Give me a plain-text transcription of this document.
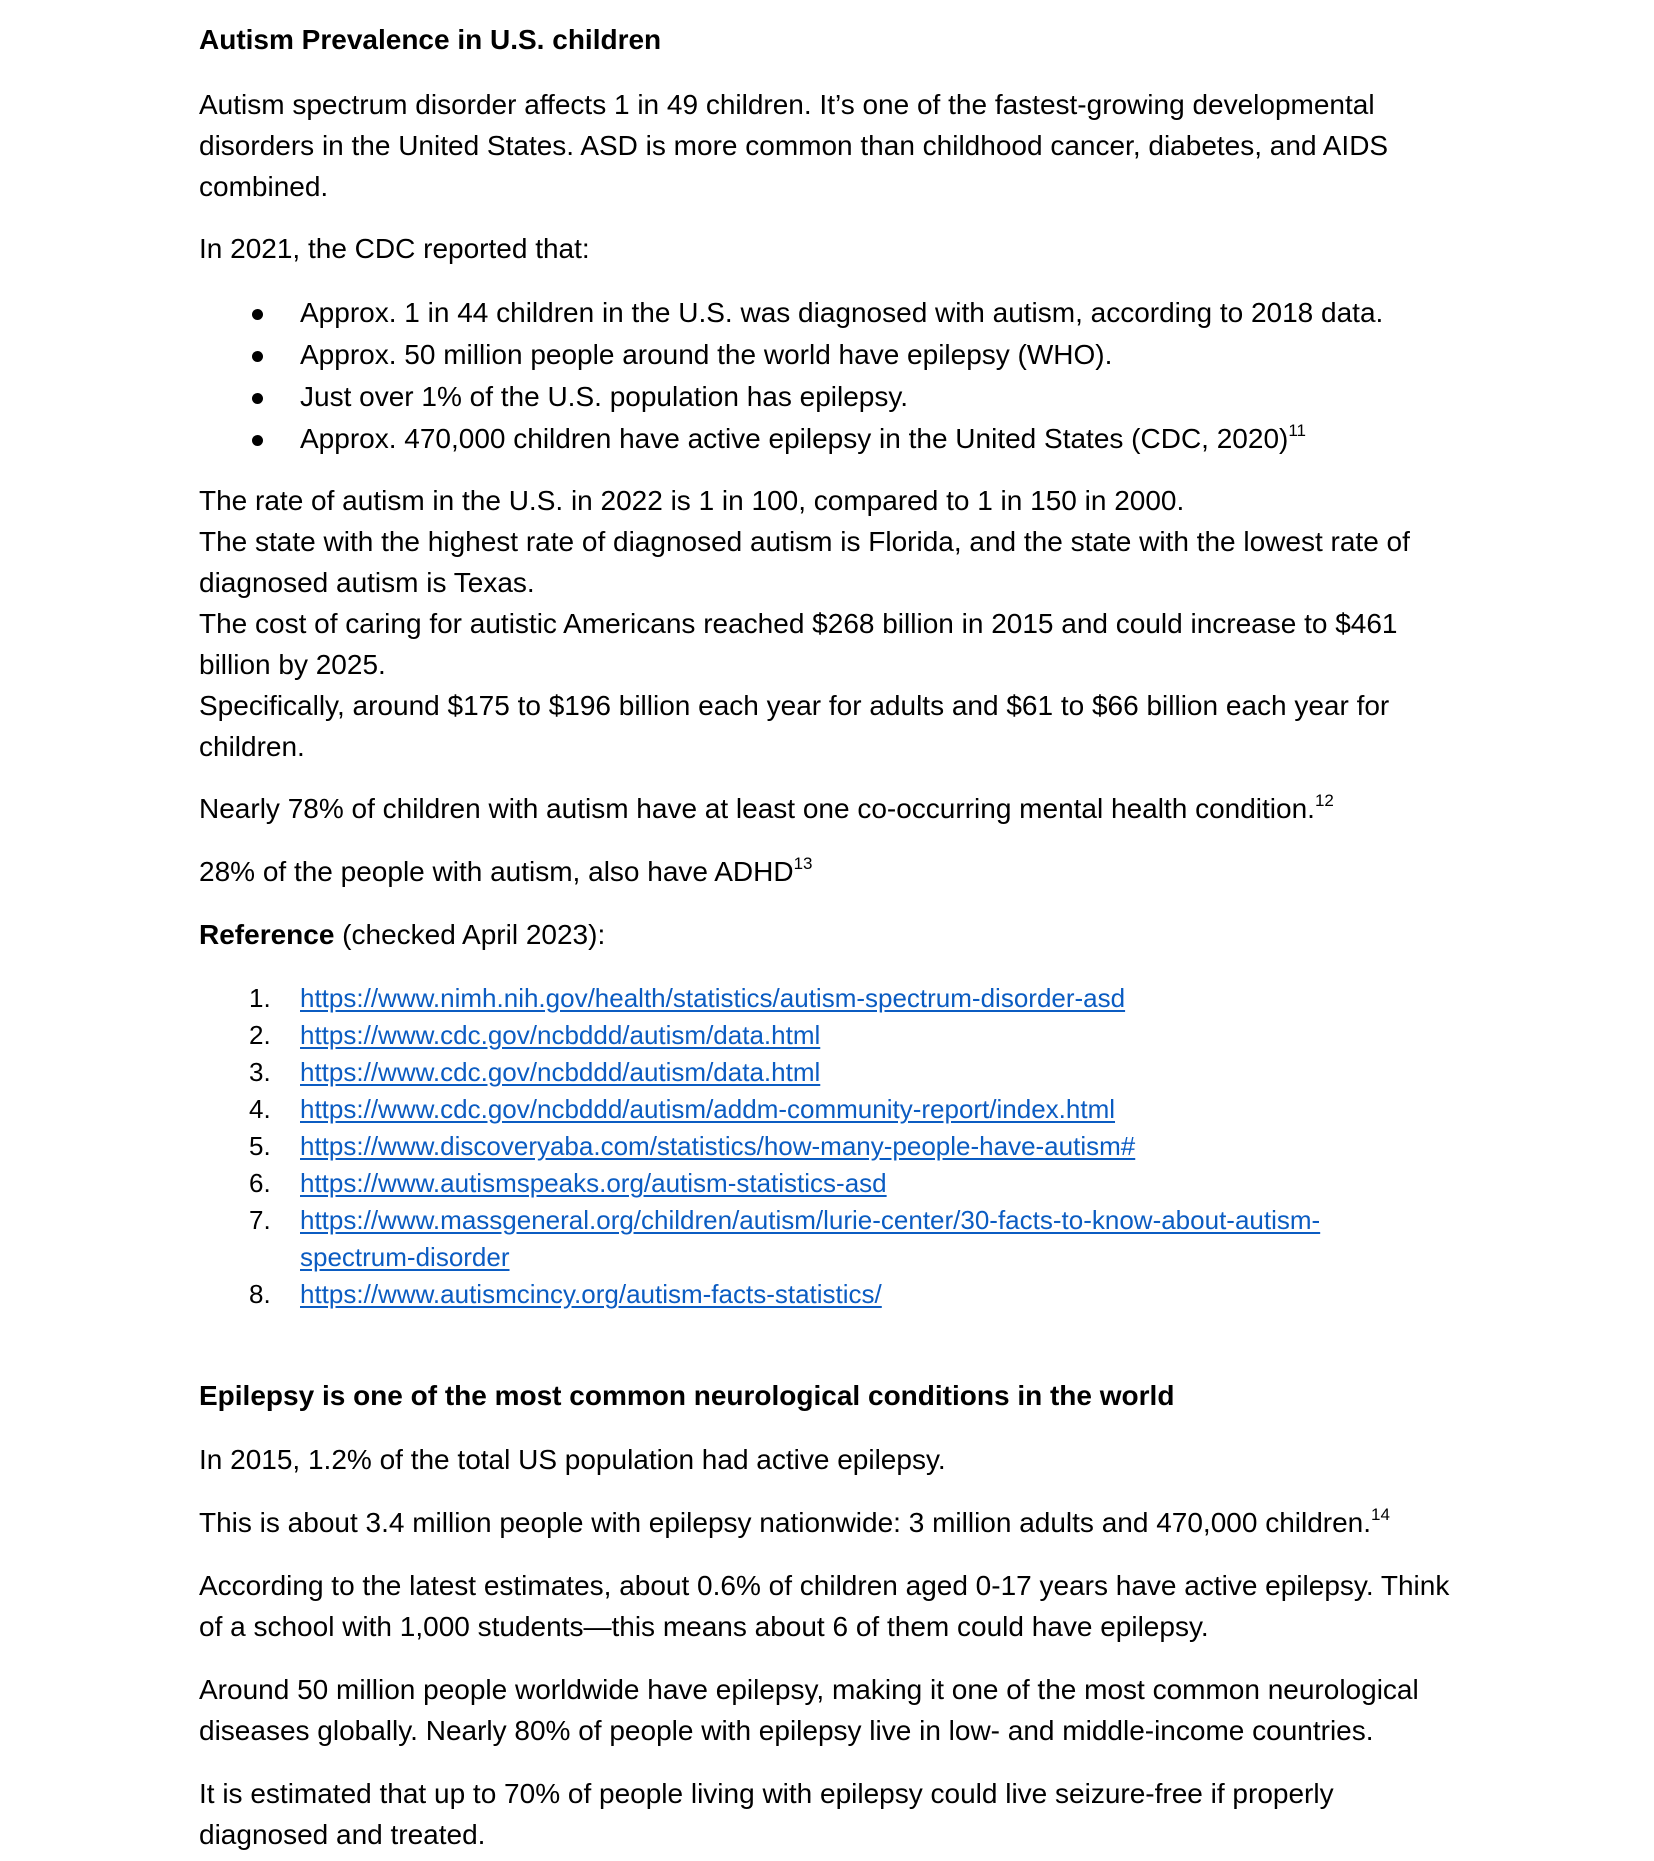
Autism Prevalence in U.S. children

Autism spectrum disorder affects 1 in 49 children. It’s one of the fastest-growing developmental
disorders in the United States. ASD is more common than childhood cancer, diabetes, and AIDS
combined.

In 2021, the CDC reported that:

Approx. 1 in 44 children in the U.S. was diagnosed with autism, according to 2018 data.
Approx. 50 million people around the world have epilepsy (WHO).
Just over 1% of the U.S. population has epilepsy.
Approx. 470,000 children have active epilepsy in the United States (CDC, 2020)$^{11}$

The rate of autism in the U.S. in 2022 is 1 in 100, compared to 1 in 150 in 2000.
The state with the highest rate of diagnosed autism is Florida, and the state with the lowest rate of
diagnosed autism is Texas.
The cost of caring for autistic Americans reached $268 billion in 2015 and could increase to $461
billion by 2025.
Specifically, around $175 to $196 billion each year for adults and $61 to $66 billion each year for
children.

Nearly 78% of children with autism have at least one co-occurring mental health condition.$^{12}$

28% of the people with autism, also have ADHD$^{13}$

Reference (checked April 2023):

1. https://www.nimh.nih.gov/health/statistics/autism-spectrum-disorder-asd
2. https://www.cdc.gov/ncbddd/autism/data.html
3. https://www.cdc.gov/ncbddd/autism/data.html
4. https://www.cdc.gov/ncbddd/autism/addm-community-report/index.html
5. https://www.discoveryaba.com/statistics/how-many-people-have-autism#
6. https://www.autismspeaks.org/autism-statistics-asd
7. https://www.massgeneral.org/children/autism/lurie-center/30-facts-to-know-about-autism-
spectrum-disorder
8. https://www.autismcincy.org/autism-facts-statistics/
Epilepsy is one of the most common neurological conditions in the world

In 2015, 1.2% of the total US population had active epilepsy.

This is about 3.4 million people with epilepsy nationwide: 3 million adults and 470,000 children.$^{14}$

According to the latest estimates, about 0.6% of children aged 0-17 years have active epilepsy. Think
of a school with 1,000 students—this means about 6 of them could have epilepsy.

Around 50 million people worldwide have epilepsy, making it one of the most common neurological
diseases globally. Nearly 80% of people with epilepsy live in low- and middle-income countries.

It is estimated that up to 70% of people living with epilepsy could live seizure-free if properly
diagnosed and treated.
